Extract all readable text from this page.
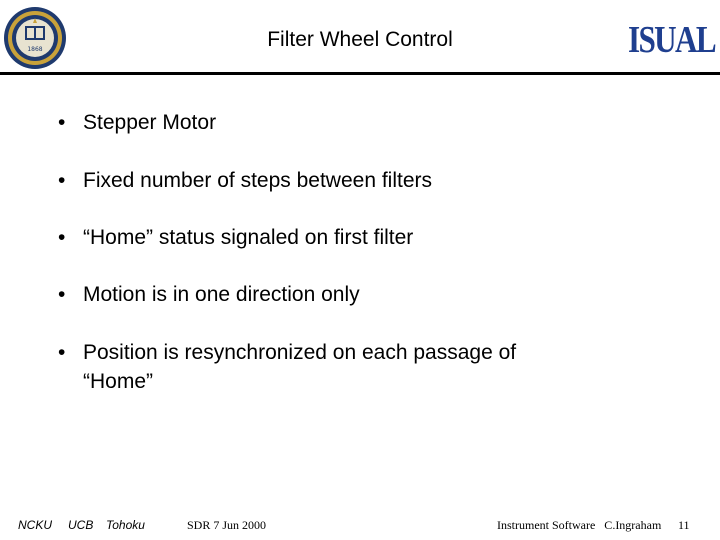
1868	Filter Wheel Control	ISUAL
• Stepper Motor
• Fixed number of steps between filters
• “Home” status signaled on first filter
• Motion is in one direction only
• Position is resynchronized on each passage of “Home”
NCKU UCB Tohoku	SDR 7 Jun 2000	Instrument Software   C.Ingraham 11
